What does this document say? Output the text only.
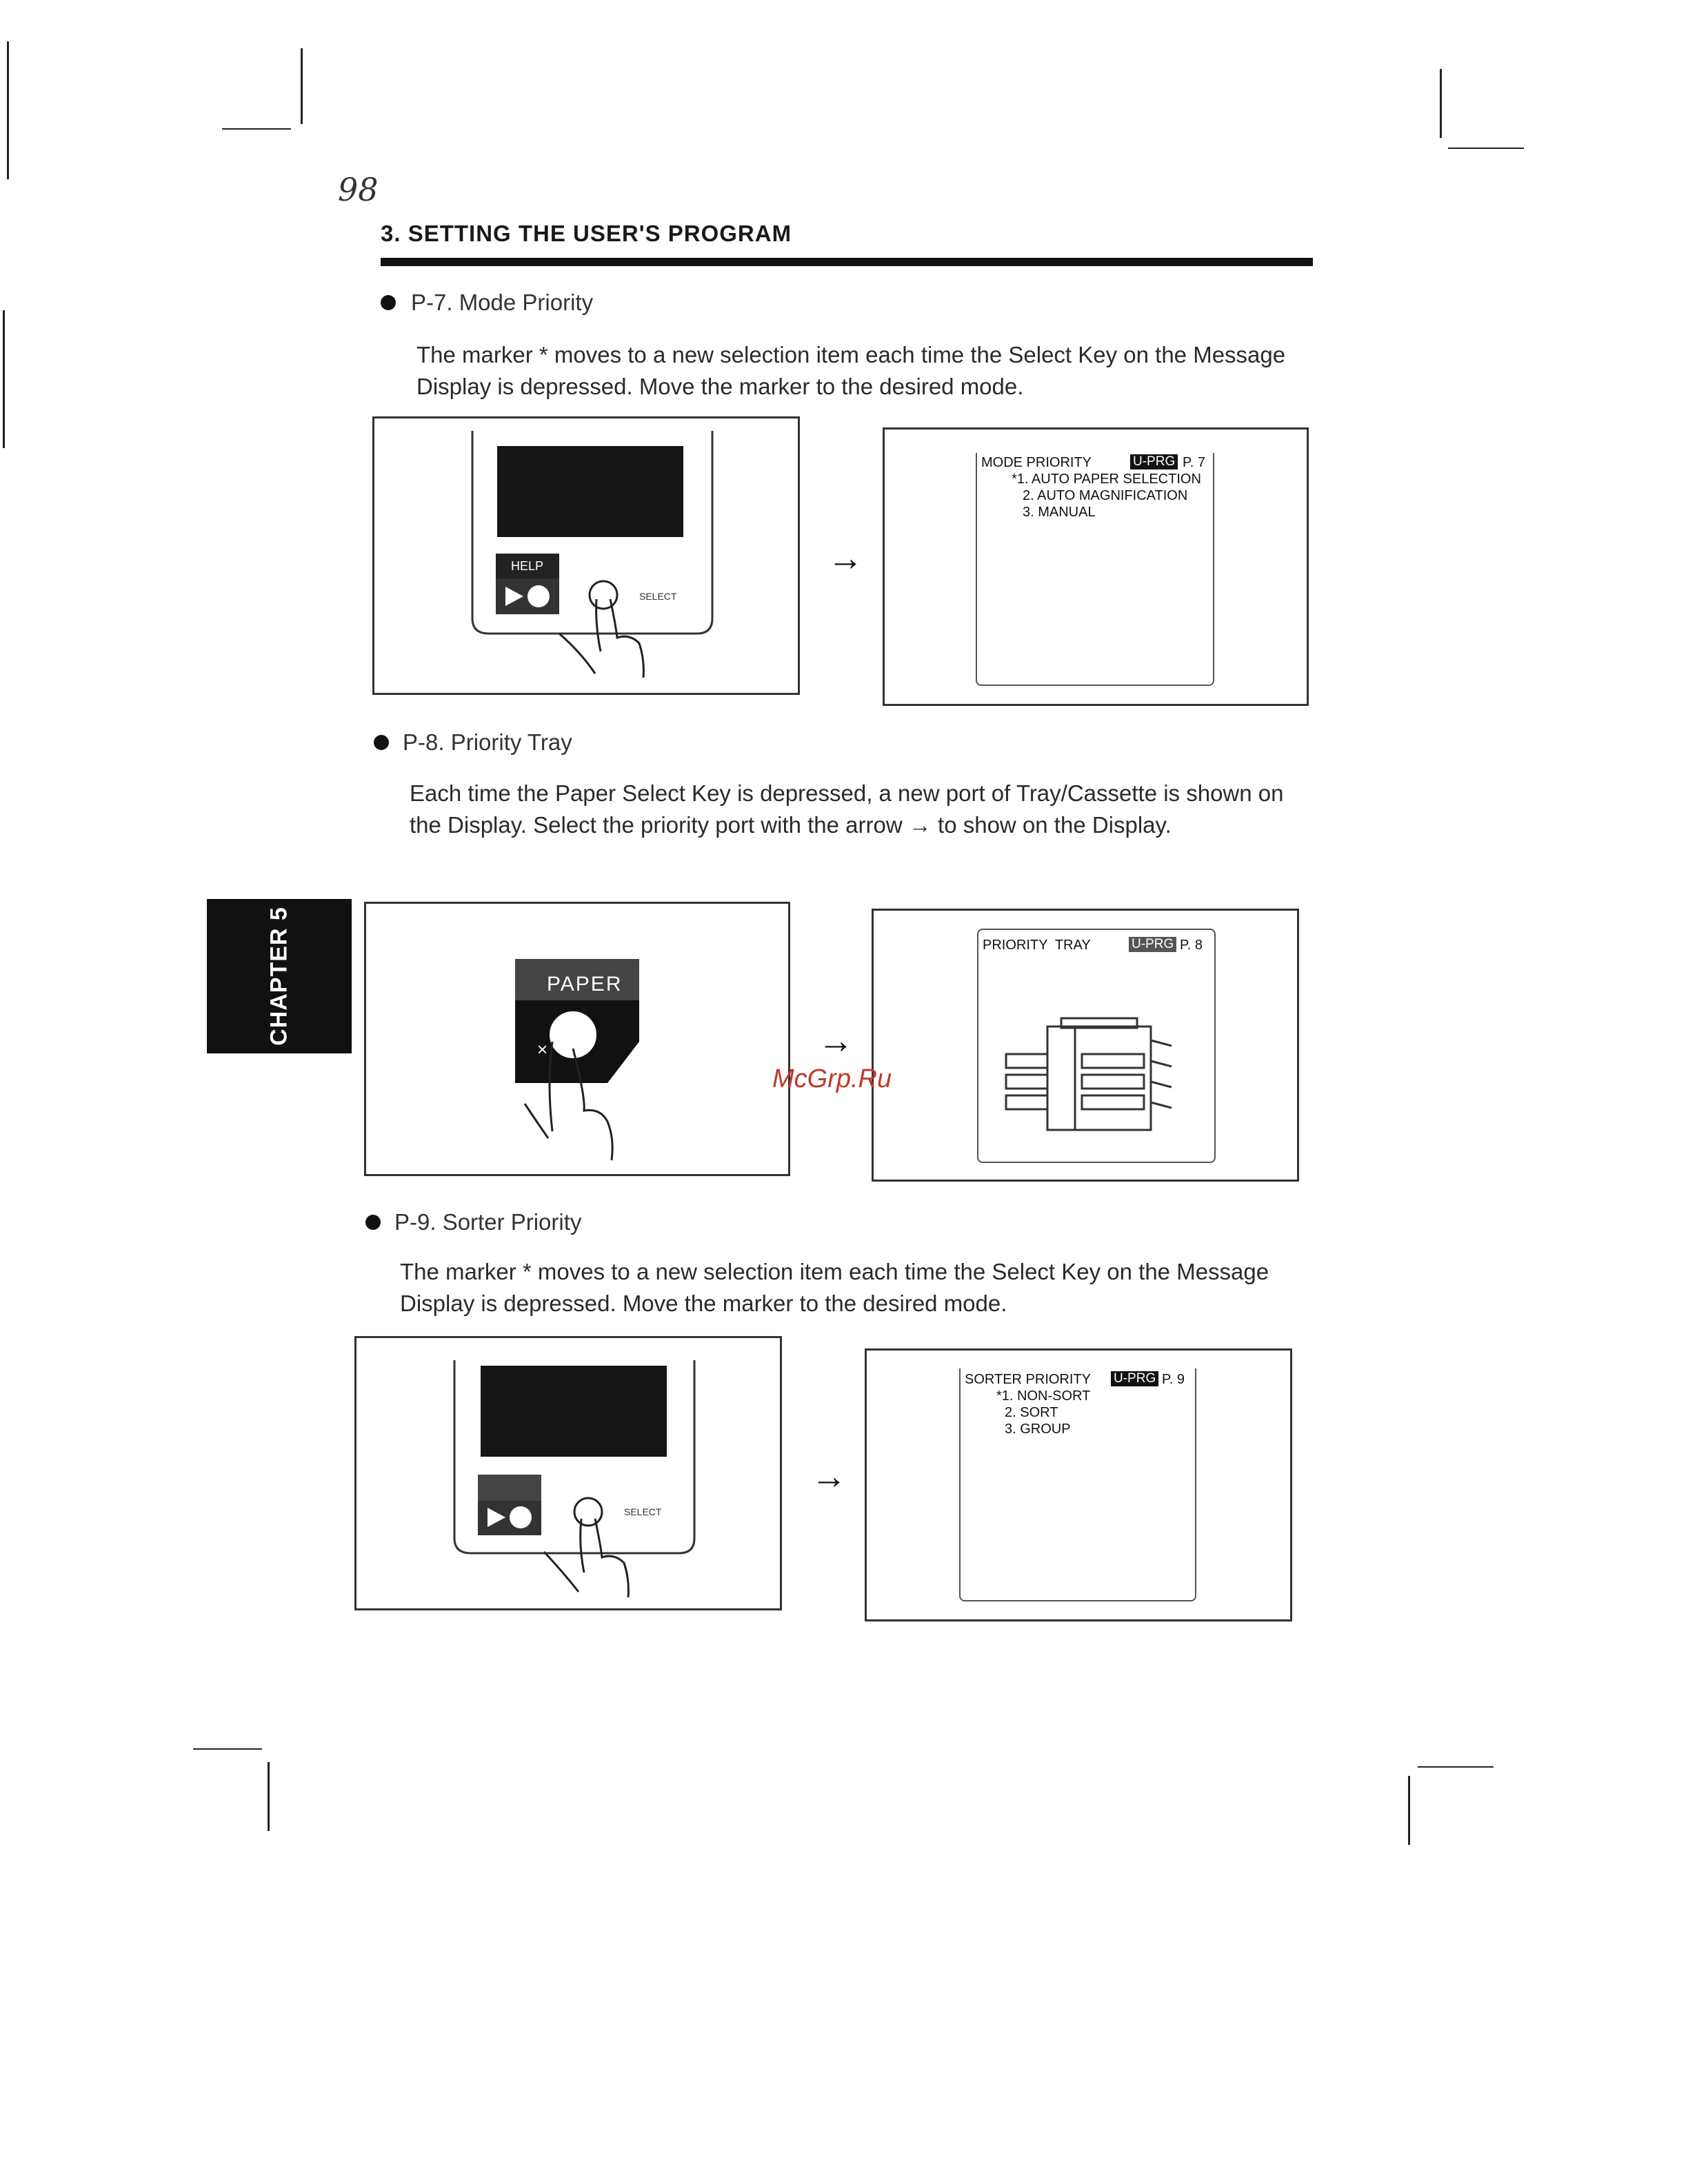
98
3. SETTING THE USER'S PROGRAM
CHAPTER 5
P-7. Mode Priority
The marker * moves to a new selection item each time the Select Key on the Message Display is depressed. Move the marker to the desired mode.
HELP
SELECT
→
MODE PRIORITY	U-PRG P. 7
*1. AUTO PAPER SELECTION
2. AUTO MAGNIFICATION
3. MANUAL
P-8. Priority Tray
Each time the Paper Select Key is depressed, a new port of Tray/Cassette is shown on the Display. Select the priority port with the arrow → to show on the Display.
PAPER
×	→
PRIORITY  TRAY	U-PRG P. 8
McGrp.Ru
P-9. Sorter Priority
The marker * moves to a new selection item each time the Select Key on the Message Display is depressed. Move the marker to the desired mode.
SELECT
→
SORTER PRIORITY U-PRG P. 9
*1. NON-SORT
2. SORT
3. GROUP
